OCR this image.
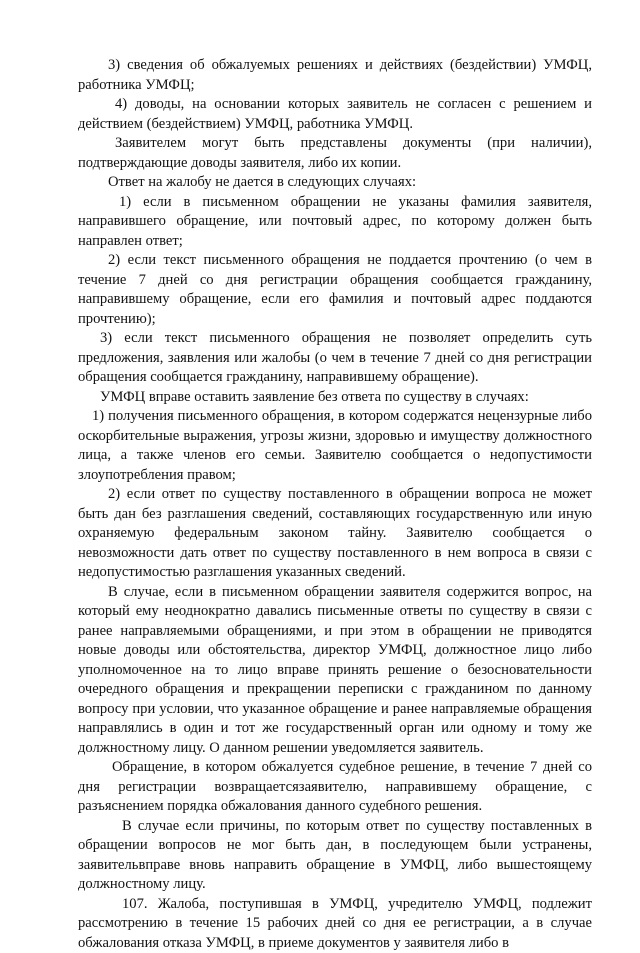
3) сведения об обжалуемых решениях и действиях (бездействии) УМФЦ, работника УМФЦ;

4) доводы, на основании которых заявитель не согласен с решением и действием (бездействием) УМФЦ, работника УМФЦ.

Заявителем могут быть представлены документы (при наличии), подтверждающие доводы заявителя, либо их копии.

Ответ на жалобу не дается в следующих случаях:

1) если в письменном обращении не указаны фамилия заявителя, направившего обращение, или почтовый адрес, по которому должен быть направлен ответ;

2) если текст письменного обращения не поддается прочтению (о чем в течение 7 дней со дня регистрации обращения сообщается гражданину, направившему обращение, если его фамилия и почтовый адрес поддаются прочтению);

3) если текст письменного обращения не позволяет определить суть предложения, заявления или жалобы (о чем в течение 7 дней со дня регистрации обращения сообщается гражданину, направившему обращение).

УМФЦ вправе оставить заявление без ответа по существу в случаях:

1) получения письменного обращения, в котором содержатся нецензурные либо оскорбительные выражения, угрозы жизни, здоровью и имуществу должностного лица, а также членов его семьи. Заявителю сообщается о недопустимости злоупотребления правом;

2) если ответ по существу поставленного в обращении вопроса не может быть дан без разглашения сведений, составляющих государственную или иную охраняемую федеральным законом тайну. Заявителю сообщается о невозможности дать ответ по существу поставленного в нем вопроса в связи с недопустимостью разглашения указанных сведений.

В случае, если в письменном обращении заявителя содержится вопрос, на который ему неоднократно давались письменные ответы по существу в связи с ранее направляемыми обращениями, и при этом в обращении не приводятся новые доводы или обстоятельства, директор УМФЦ, должностное лицо либо уполномоченное на то лицо вправе принять решение о безосновательности очередного обращения и прекращении переписки с гражданином по данному вопросу при условии, что указанное обращение и ранее направляемые обращения направлялись в один и тот же государственный орган или одному и тому же должностному лицу. О данном решении уведомляется заявитель.

Обращение, в котором обжалуется судебное решение, в течение 7 дней со дня регистрации возвращаетсязаявителю, направившему обращение, с разъяснением порядка обжалования данного судебного решения.

В случае если причины, по которым ответ по существу поставленных в обращении вопросов не мог быть дан, в последующем были устранены, заявительвправе вновь направить обращение в УМФЦ, либо вышестоящему должностному лицу.

107. Жалоба, поступившая в УМФЦ, учредителю УМФЦ, подлежит рассмотрению в течение 15 рабочих дней со дня ее регистрации, а в случае обжалования отказа УМФЦ, в приеме документов у заявителя либо в
